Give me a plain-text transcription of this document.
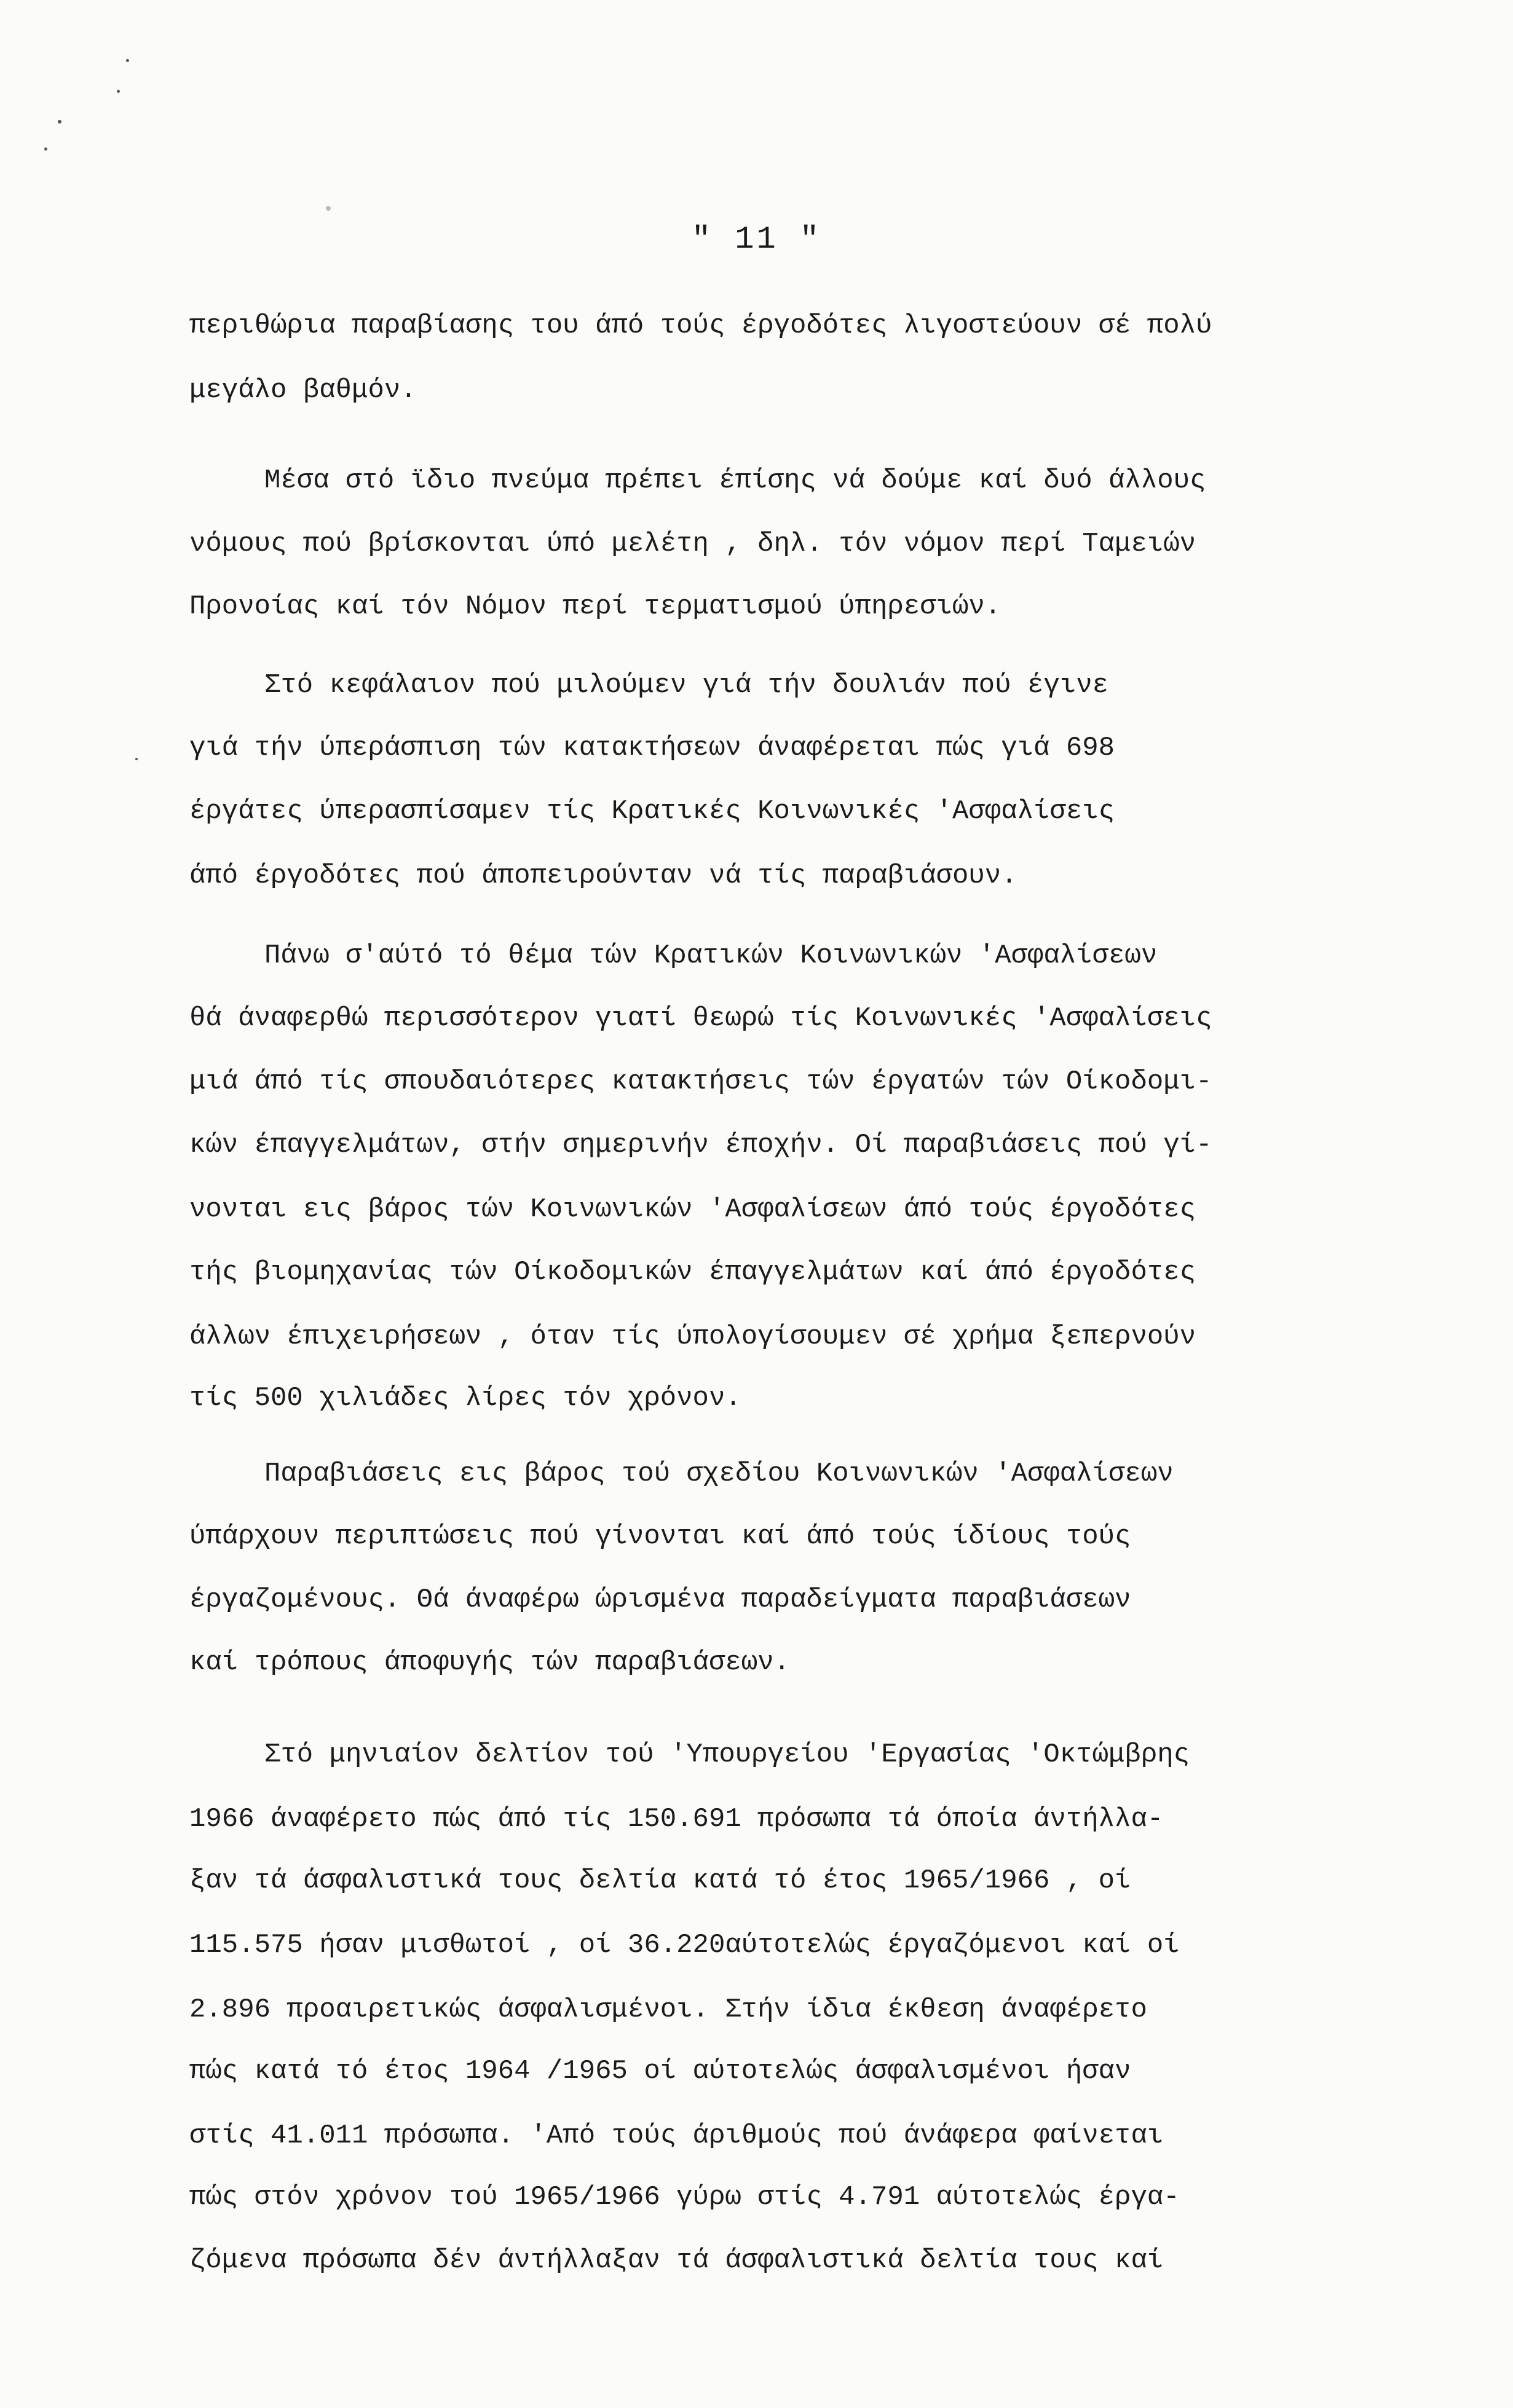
" 11 "
περιθώρια παραβίασης του άπό τούς έργοδότες λιγοστεύουν σέ πολύ
μεγάλο βαθμόν.
Μέσα στό ϊδιο πνεύμα πρέπει έπίσης νά δούμε καί δυό άλλους
νόμους πού βρίσκονται ύπό μελέτη , δηλ. τόν νόμον περί Ταμειών
Προνοίας καί τόν Νόμον περί τερματισμού ύπηρεσιών.
Στό κεφάλαιον πού μιλούμεν γιά τήν δουλιάν πού έγινε
γιά τήν ύπεράσπιση τών κατακτήσεων άναφέρεται πώς γιά 698
έργάτες ύπερασπίσαμεν τίς Κρατικές Κοινωνικές 'Ασφαλίσεις
άπό έργοδότες πού άποπειρούνταν νά τίς παραβιάσουν.
Πάνω σ'αύτό τό θέμα τών Κρατικών Κοινωνικών 'Ασφαλίσεων
θά άναφερθώ περισσότερον γιατί θεωρώ τίς Κοινωνικές 'Ασφαλίσεις
μιά άπό τίς σπουδαιότερες κατακτήσεις τών έργατών τών Οίκοδομι-
κών έπαγγελμάτων, στήν σημερινήν έποχήν. Οί παραβιάσεις πού γί-
νονται εις βάρος τών Κοινωνικών 'Ασφαλίσεων άπό τούς έργοδότες
τής βιομηχανίας τών Οίκοδομικών έπαγγελμάτων καί άπό έργοδότες
άλλων έπιχειρήσεων , όταν τίς ύπολογίσουμεν σέ χρήμα ξεπερνούν
τίς 500 χιλιάδες λίρες τόν χρόνον.
Παραβιάσεις εις βάρος τού σχεδίου Κοινωνικών 'Ασφαλίσεων
ύπάρχουν περιπτώσεις πού γίνονται καί άπό τούς ίδίους τούς
έργαζομένους. Θά άναφέρω ώρισμένα παραδείγματα παραβιάσεων
καί τρόπους άποφυγής τών παραβιάσεων.
Στό μηνιαίον δελτίον τού 'Υπουργείου 'Εργασίας 'Οκτώμβρης
1966 άναφέρετο πώς άπό τίς 150.691 πρόσωπα τά όποία άντήλλα-
ξαν τά άσφαλιστικά τους δελτία κατά τό έτος 1965/1966 , οί
115.575 ήσαν μισθωτοί , οί 36.220αύτοτελώς έργαζόμενοι καί οί
2.896 προαιρετικώς άσφαλισμένοι. Στήν ίδια έκθεση άναφέρετο
πώς κατά τό έτος 1964 /1965 οί αύτοτελώς άσφαλισμένοι ήσαν
στίς 41.011 πρόσωπα. 'Από τούς άριθμούς πού άνάφερα φαίνεται
πώς στόν χρόνον τού 1965/1966 γύρω στίς 4.791 αύτοτελώς έργα-
ζόμενα πρόσωπα δέν άντήλλαξαν τά άσφαλιστικά δελτία τους καί
